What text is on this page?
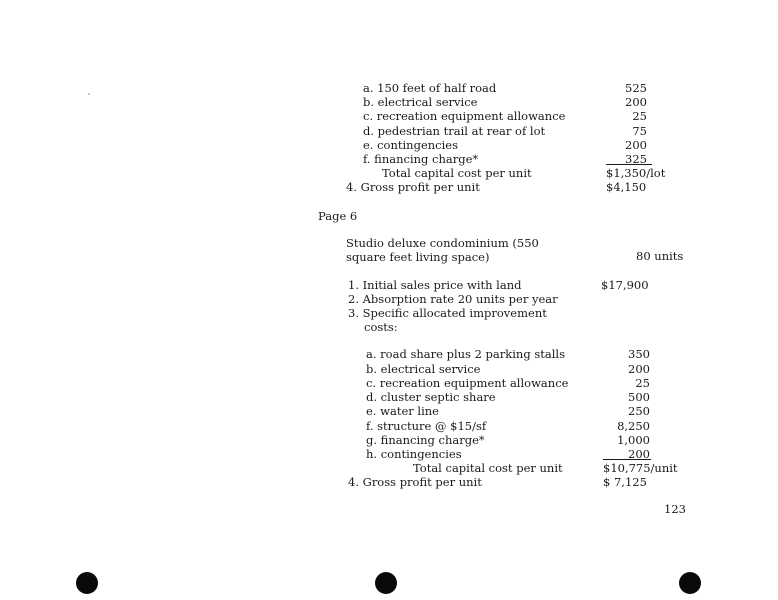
a. 150 feet of half road	525
b. electrical service	200
c. recreation equipment allowance	25
d. pedestrian trail at rear of lot	75
e. contingencies	200
f. financing charge*	325
Total capital cost per unit	$1,350/lot
4. Gross profit per unit	$4,150
Page 6
Studio deluxe condominium (550
square feet living space)	80 units
1. Initial sales price with land	$17,900
2. Absorption rate 20 units per year
3. Specific allocated improvement
costs:
a. road share plus 2 parking stalls	350
b. electrical service	200
c. recreation equipment allowance	25
d. cluster septic share	500
e. water line	250
f. structure @ $15/sf	8,250
g. financing charge*	1,000
h. contingencies	200
Total capital cost per unit	$10,775/unit
4. Gross profit per unit	$ 7,125
123
